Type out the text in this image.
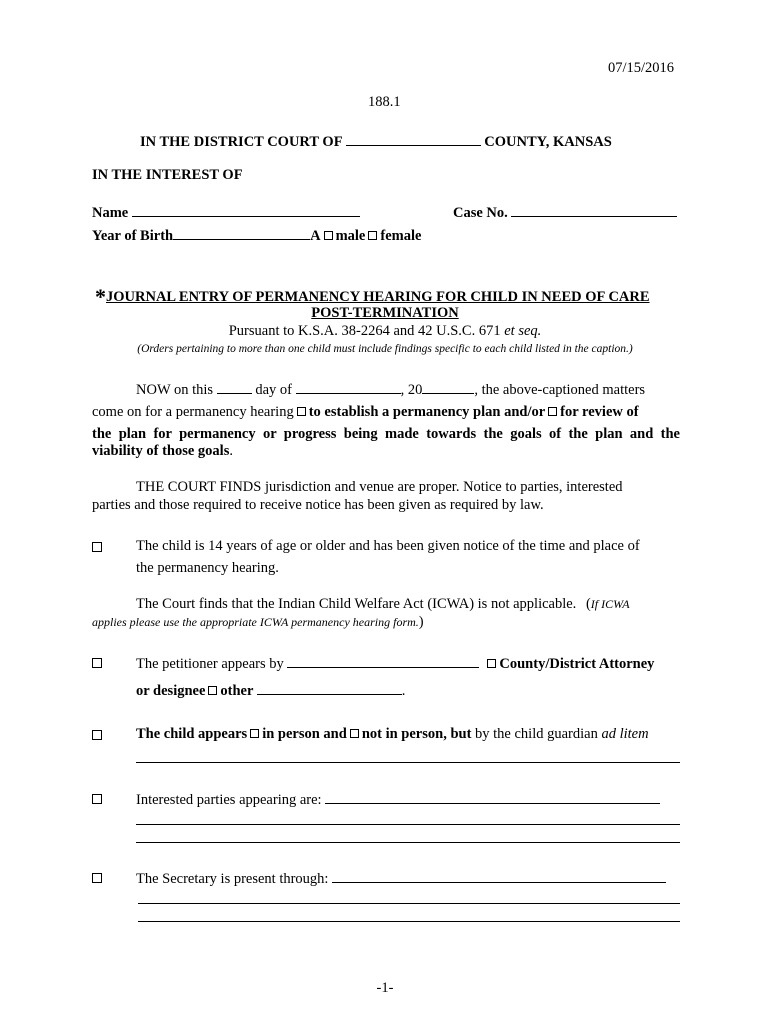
07/15/2016
188.1
IN THE DISTRICT COURT OF	COUNTY, KANSAS
IN THE INTEREST OF
Name	Case No.
Year of Birth	A male female
*JOURNAL ENTRY OF PERMANENCY HEARING FOR CHILD IN NEED OF CARE
POST-TERMINATION
Pursuant to K.S.A. 38-2264 and 42 U.S.C. 671 et seq.
(Orders pertaining to more than one child must include findings specific to each child listed in the caption.)
NOW on this	day of	, 20	, the above-captioned matters
come on for a permanency hearing to establish a permanency plan and/or for review of
the plan for permanency or progress being made towards the goals of the plan and the
viability of those goals.
THE COURT FINDS jurisdiction and venue are proper. Notice to parties, interested
parties and those required to receive notice has been given as required by law.
The child is 14 years of age or older and has been given notice of the time and place of
the permanency hearing.
The Court finds that the Indian Child Welfare Act (ICWA) is not applicable. (If ICWA
applies please use the appropriate ICWA permanency hearing form.)
The petitioner appears by	County/District Attorney
or designee other	.
The child appears in person and not in person, but by the child guardian ad litem
Interested parties appearing are:
The Secretary is present through:
-1-
